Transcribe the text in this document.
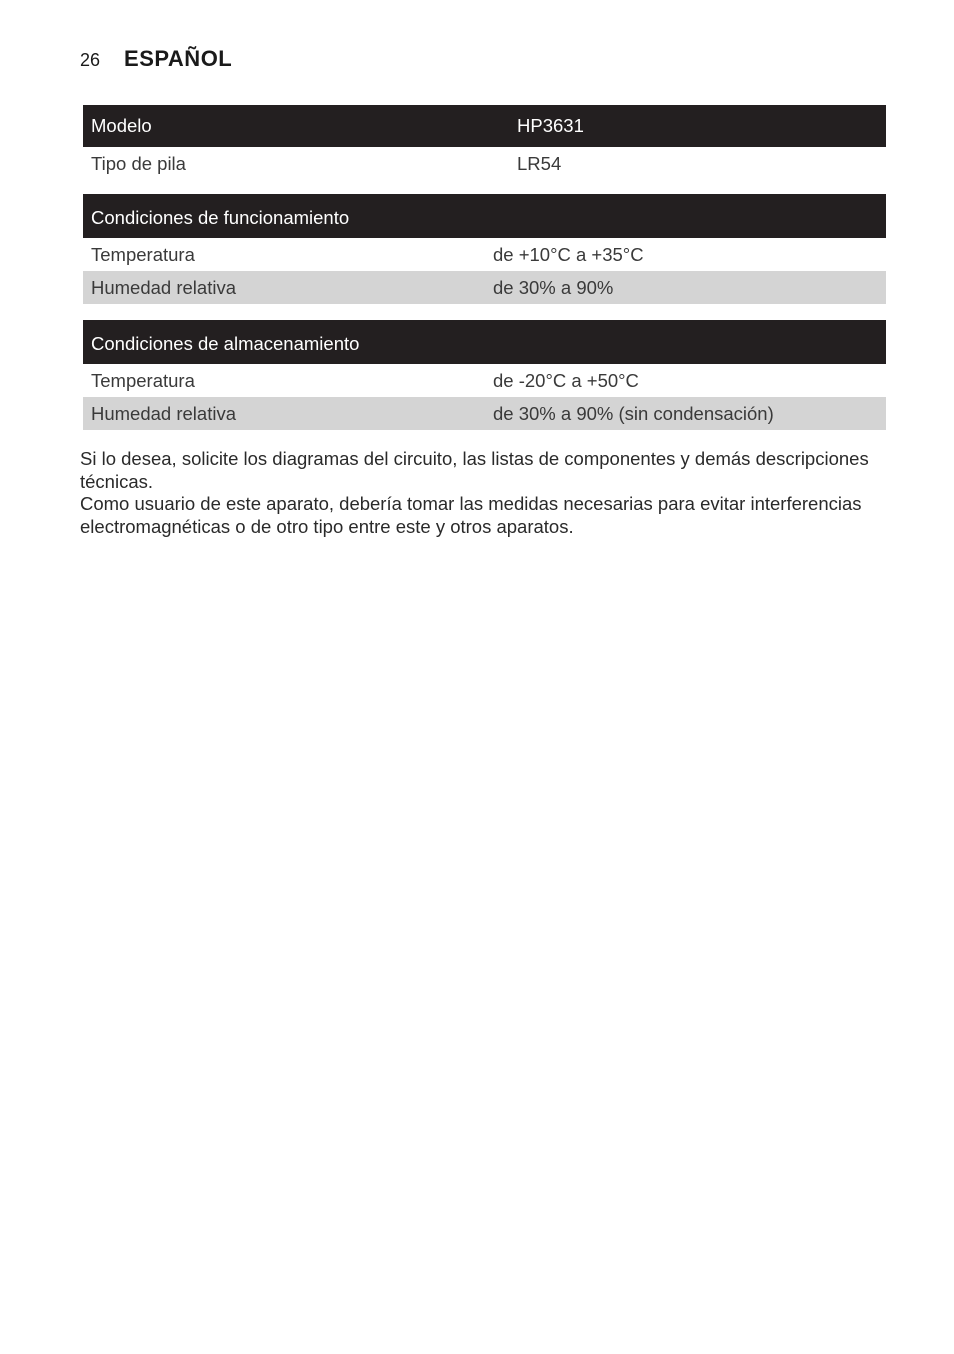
26 ESPAÑOL
Modelo	HP3631
Tipo de pila	LR54
Condiciones de funcionamiento
Temperatura	de +10°C a +35°C
Humedad relativa	de 30% a 90%
Condiciones de almacenamiento
Temperatura	de -20°C a +50°C
Humedad relativa	de 30% a 90% (sin condensación)

Si lo desea, solicite los diagramas del circuito, las listas de componentes y demás descripciones técnicas.

Como usuario de este aparato, debería tomar las medidas necesarias para evitar interferencias electromagnéticas o de otro tipo entre este y otros aparatos.
